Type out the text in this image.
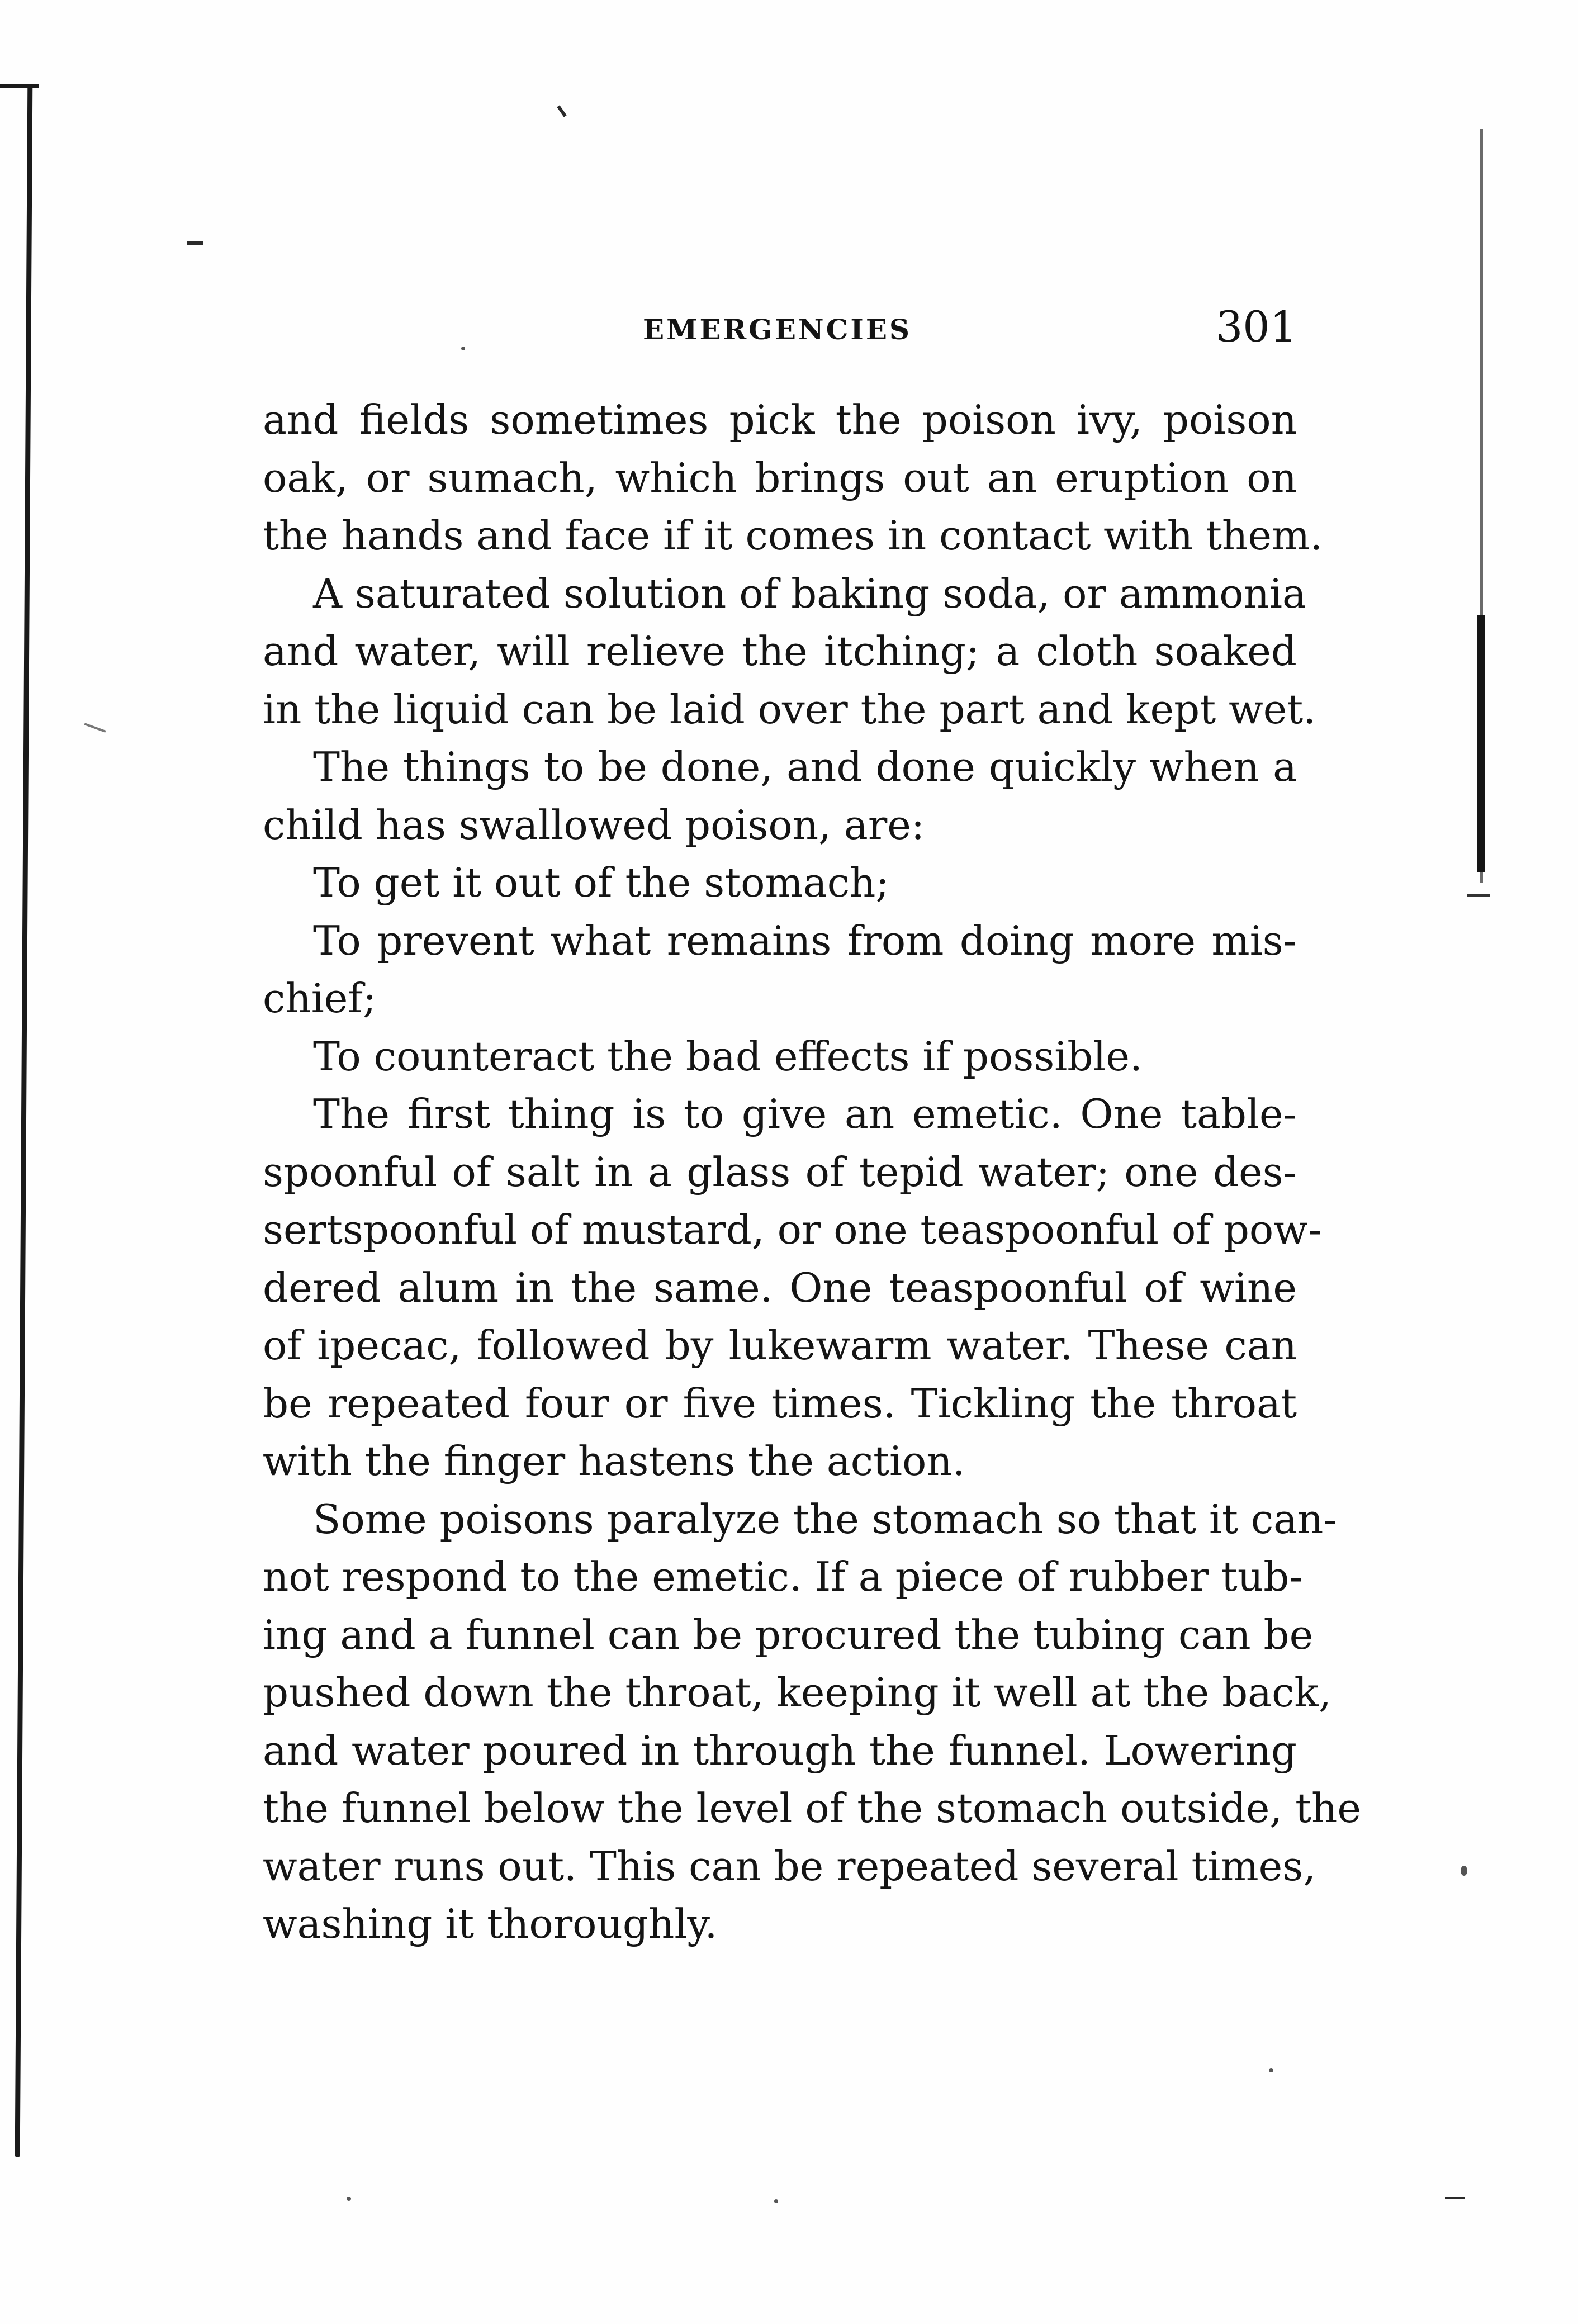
EMERGENCIES	301
and fields sometimes pick the poison ivy, poison
oak, or sumach, which brings out an eruption on
the hands and face if it comes in contact with them.
A saturated solution of baking soda, or ammonia
and water, will relieve the itching; a cloth soaked
in the liquid can be laid over the part and kept wet.
The things to be done, and done quickly when a
child has swallowed poison, are:
To get it out of the stomach;
To prevent what remains from doing more mis-
chief;
To counteract the bad effects if possible.
The first thing is to give an emetic. One table-
spoonful of salt in a glass of tepid water; one des-
sertspoonful of mustard, or one teaspoonful of pow-
dered alum in the same. One teaspoonful of wine
of ipecac, followed by lukewarm water. These can
be repeated four or five times. Tickling the throat
with the finger hastens the action.
Some poisons paralyze the stomach so that it can-
not respond to the emetic. If a piece of rubber tub-
ing and a funnel can be procured the tubing can be
pushed down the throat, keeping it well at the back,
and water poured in through the funnel. Lowering
the funnel below the level of the stomach outside, the
water runs out. This can be repeated several times,
washing it thoroughly.
